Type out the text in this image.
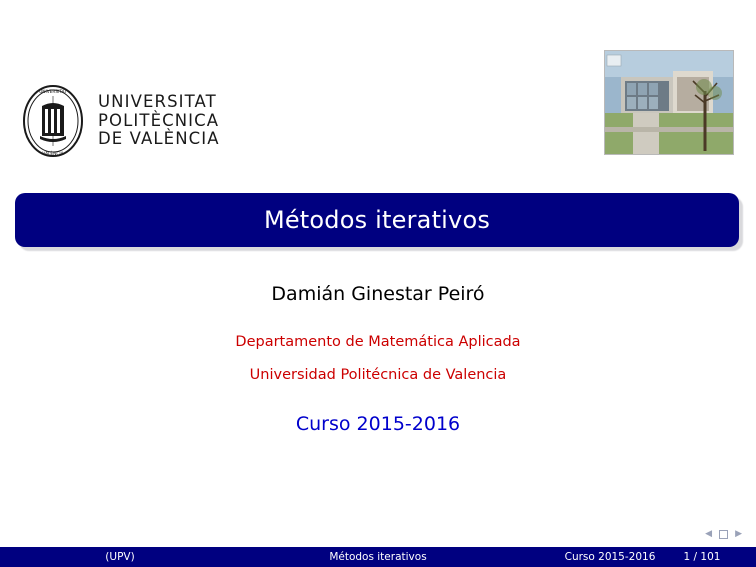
UNIVERSITAT
VALÈNCIA
UNIVERSITAT
POLITÈCNICA
DE VALÈNCIA
Métodos iterativos
Damián Ginestar Peiró
Departamento de Matemática Aplicada
Universidad Politécnica de Valencia
Curso 2015-2016
◀	▶
(UPV)	Métodos iterativos	Curso 2015-2016	1 / 101
